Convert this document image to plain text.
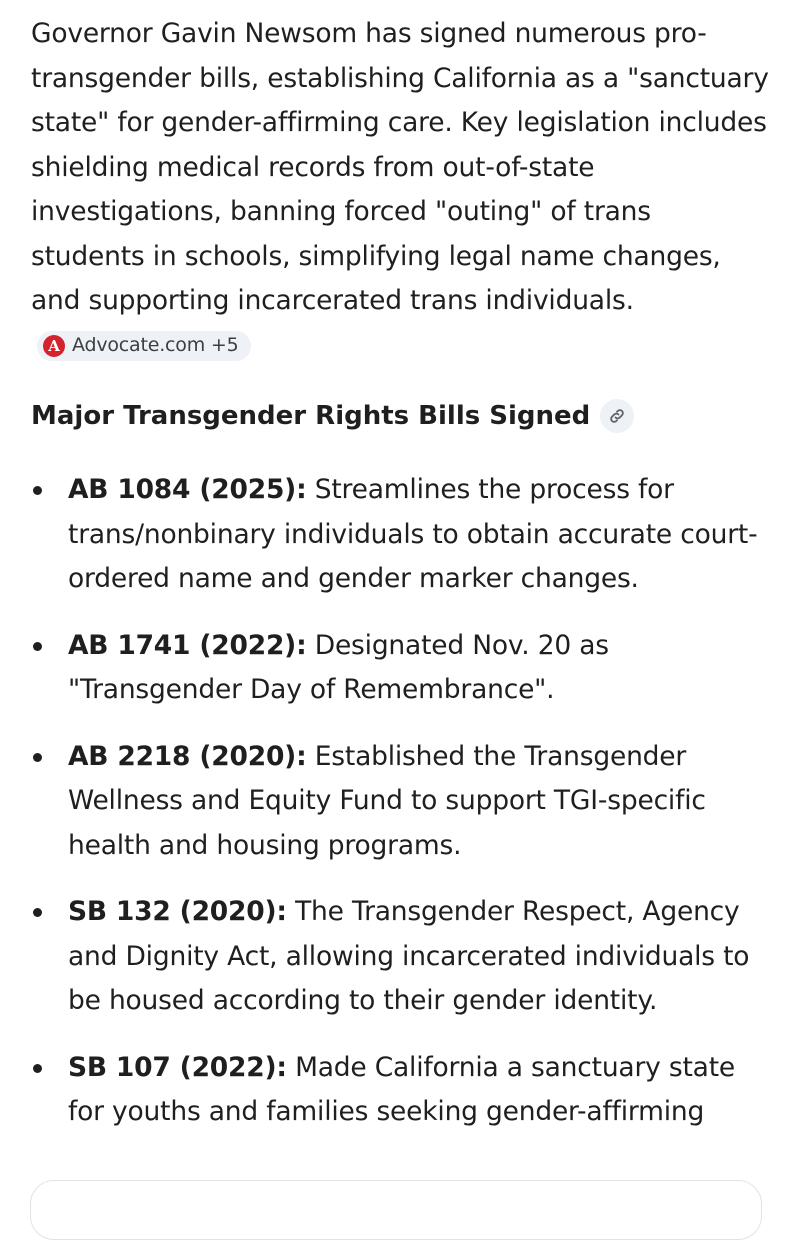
Governor Gavin Newsom has signed numerous pro-transgender bills, establishing California as a "sanctuary state" for gender-affirming care. Key legislation includes shielding medical records from out-of-state investigations, banning forced "outing" of trans students in schools, simplifying legal name changes, and supporting incarcerated trans individuals.
A Advocate.com +5

Major Transgender Rights Bills Signed
AB 1084 (2025): Streamlines the process for trans/nonbinary individuals to obtain accurate court-ordered name and gender marker changes.
AB 1741 (2022): Designated Nov. 20 as "Transgender Day of Remembrance".
AB 2218 (2020): Established the Transgender Wellness and Equity Fund to support TGI-specific health and housing programs.
SB 132 (2020): The Transgender Respect, Agency and Dignity Act, allowing incarcerated individuals to be housed according to their gender identity.
SB 107 (2022): Made California a sanctuary state for youths and families seeking gender-affirming
